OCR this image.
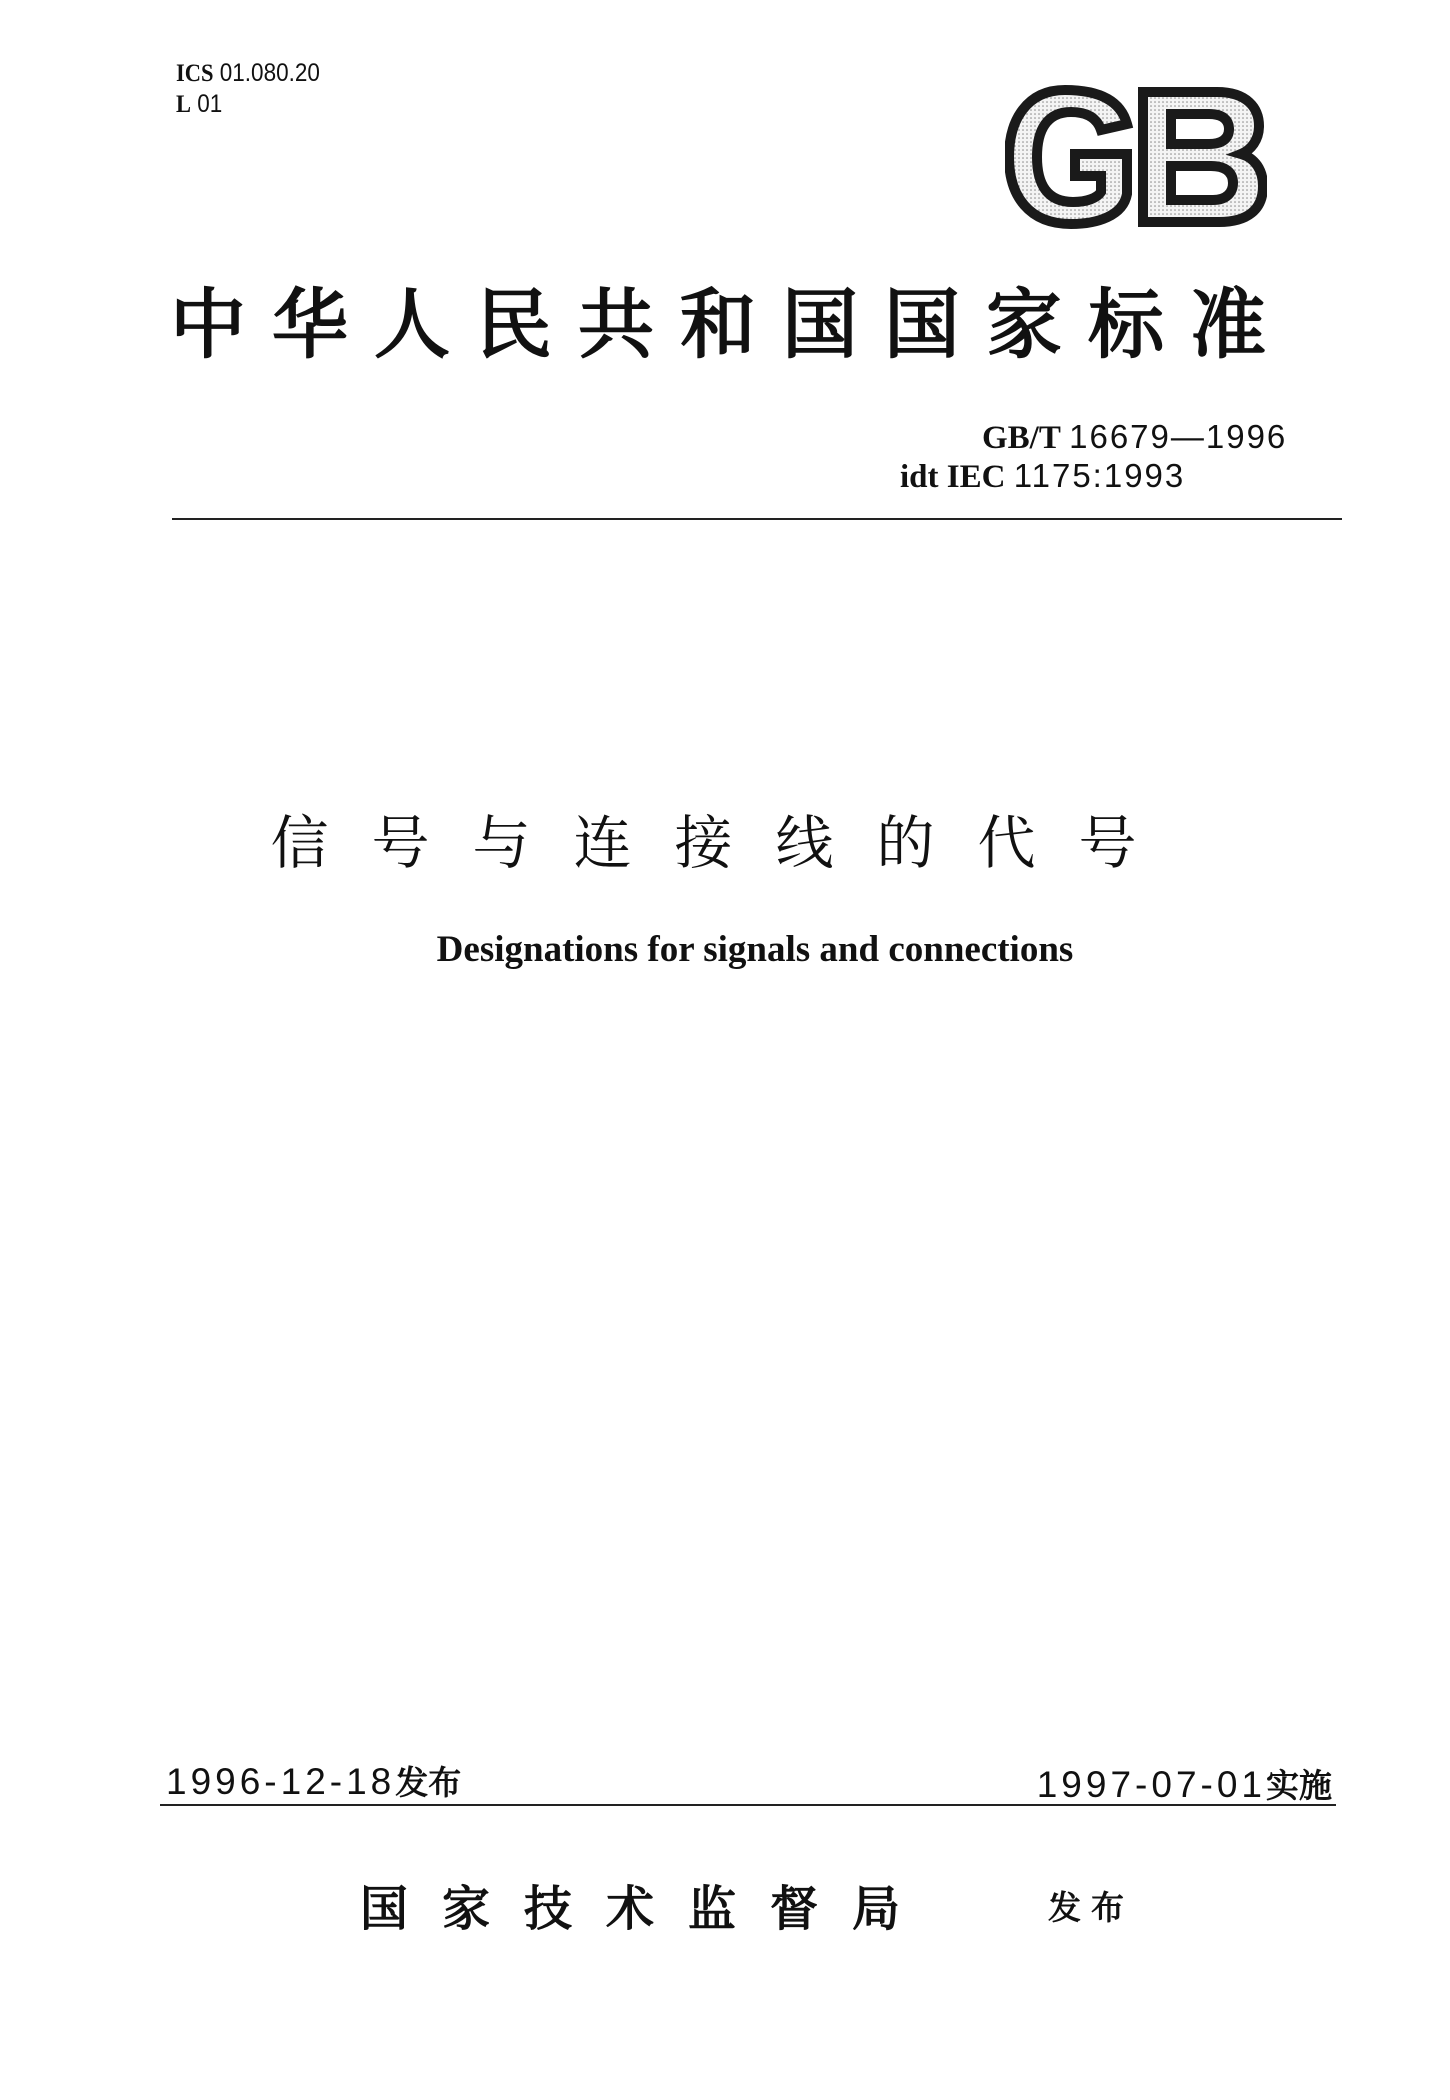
ICS 01.080.20
L 01
中华人民共和国国家标准
GB/T 16679—1996
idt IEC 1175:1993
信号与连接线的代号
Designations for signals and connections
1996-12-18发布	1997-07-01实施
国家技术监督局	发布
